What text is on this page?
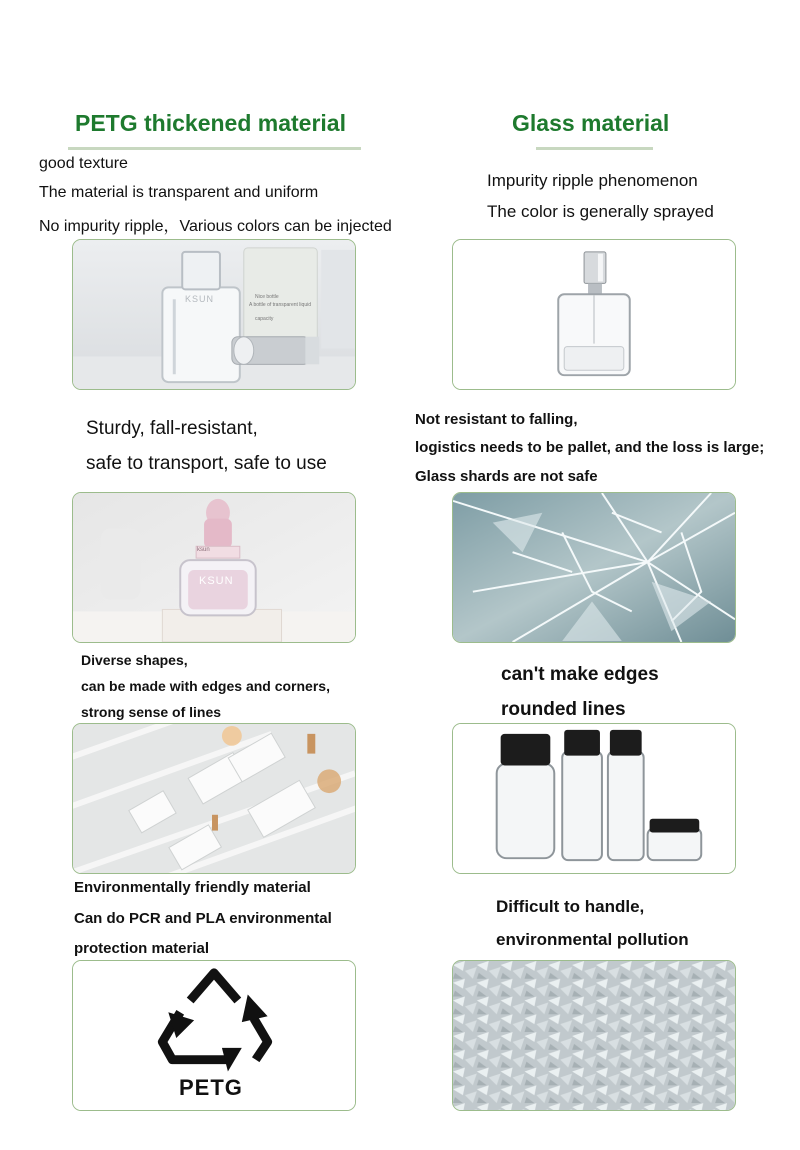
PETG thickened material	Glass material
good texture
The material is transparent and uniform
No impurity ripple，Various colors can be injected
Impurity ripple phenomenon
The color is generally sprayed
KSUN	Nice bottle
A bottle of transparent liquid
capacity
Sturdy, fall-resistant,
safe to transport, safe to use
Not resistant to falling,
logistics needs to be pallet, and the loss is large;
Glass shards are not safe
ksun
KSUN
Diverse shapes,
can be made with edges and corners,
strong sense of lines
can't make edges
rounded lines
Environmentally friendly material
Can do PCR and PLA environmental
protection material
Difficult to handle,
environmental pollution
PETG
